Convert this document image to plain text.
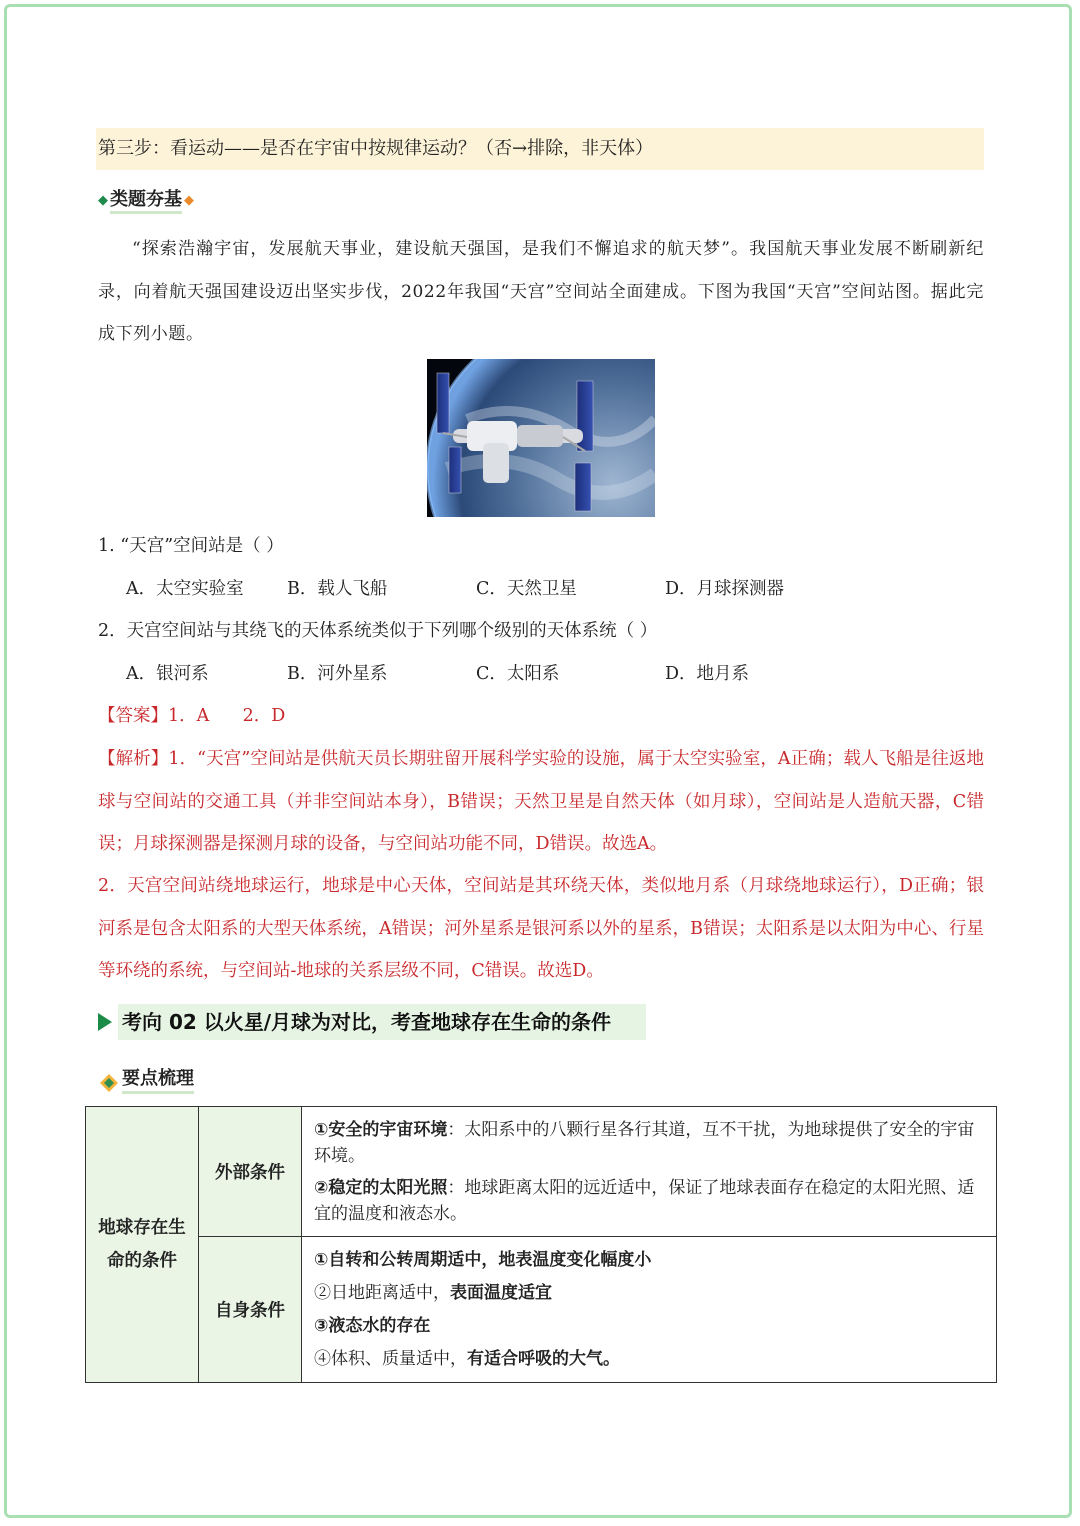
第三步：看运动——是否在宇宙中按规律运动？（否→排除，非天体）
◆ 类题夯基 ◆

“探索浩瀚宇宙，发展航天事业，建设航天强国，是我们不懈追求的航天梦”。我国航天事业发展不断刷新纪录，向着航天强国建设迈出坚实步伐，2022年我国“天宫”空间站全面建成。下图为我国“天宫”空间站图。据此完成下列小题。

1. “天宫”空间站是（ ）
A．太空实验室 B．载人飞船	C．天然卫星	D．月球探测器
2．天宫空间站与其绕飞的天体系统类似于下列哪个级别的天体系统（ ）
A．银河系	B．河外星系	C．太阳系	D．地月系
【答案】1．A      2．D

【解析】1．“天宫”空间站是供航天员长期驻留开展科学实验的设施，属于太空实验室，A正确；载人飞船是往返地球与空间站的交通工具（并非空间站本身），B错误；天然卫星是自然天体（如月球），空间站是人造航天器，C错误；月球探测器是探测月球的设备，与空间站功能不同，D错误。故选A。

2．天宫空间站绕地球运行，地球是中心天体，空间站是其环绕天体，类似地月系（月球绕地球运行），D正确；银河系是包含太阳系的大型天体系统，A错误；河外星系是银河系以外的星系，B错误；太阳系是以太阳为中心、行星等环绕的系统，与空间站-地球的关系层级不同，C错误。故选D。

考向 02 以火星/月球为对比，考查地球存在生命的条件
要点梳理
地球存在生命的条件	外部条件	①安全的宇宙环境：太阳系中的八颗行星各行其道，互不干扰，为地球提供了安全的宇宙环境。
②稳定的太阳光照：地球距离太阳的远近适中，保证了地球表面存在稳定的太阳光照、适宜的温度和液态水。

	自身条件	①自转和公转周期适中，地表温度变化幅度小
②日地距离适中，表面温度适宜
③液态水的存在
④体积、质量适中，有适合呼吸的大气。
